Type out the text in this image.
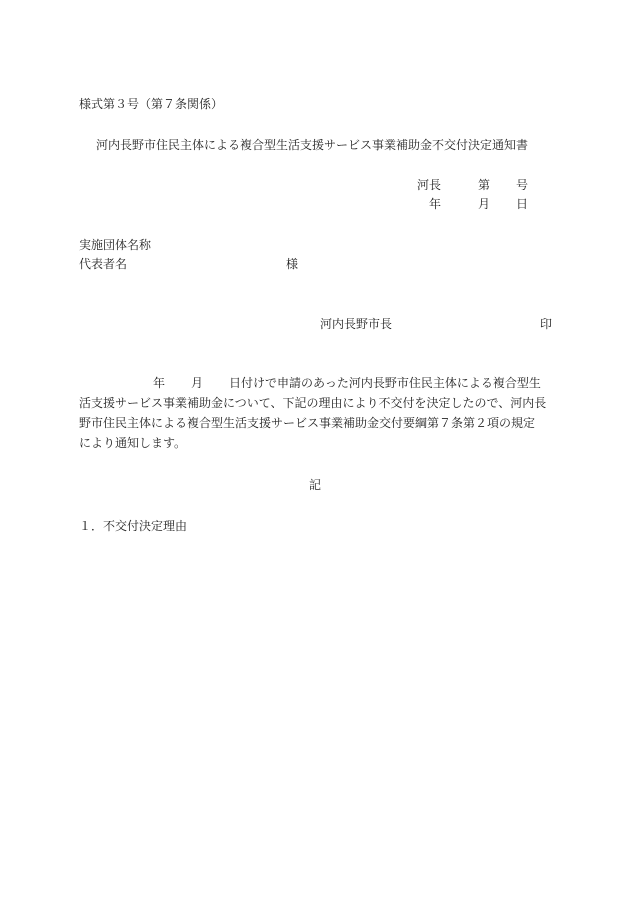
様式第３号（第７条関係）
河内長野市住民主体による複合型生活支援サービス事業補助金不交付決定通知書
河長	第 号
年	月 日
実施団体名称
代表者名	様
河内長野市長	印
年 月 日付けで申請のあった河内長野市住民主体による複合型生
活支援サービス事業補助金について、下記の理由により不交付を決定したので、河内長
野市住民主体による複合型生活支援サービス事業補助金交付要綱第７条第２項の規定
により通知します。
記
１．不交付決定理由
